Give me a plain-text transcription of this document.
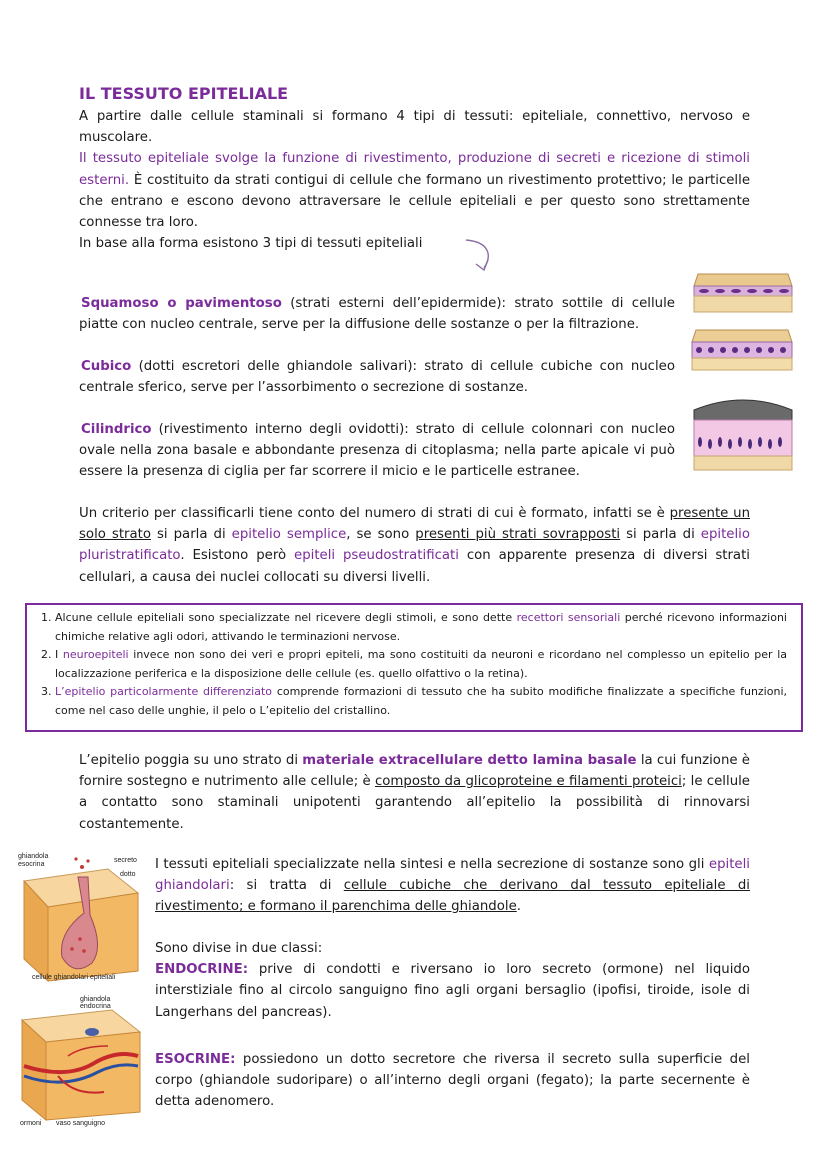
IL TESSUTO EPITELIALE

A partire dalle cellule staminali si formano 4 tipi di tessuti: epiteliale, connettivo, nervoso e muscolare.

Il tessuto epiteliale svolge la funzione di rivestimento, produzione di secreti e ricezione di stimoli esterni. È costituito da strati contigui di cellule che formano un rivestimento protettivo; le particelle che entrano e escono devono attraversare le cellule epiteliali e per questo sono strettamente connesse tra loro.

In base alla forma esistono 3 tipi di tessuti epiteliali

Squamoso o pavimentoso (strati esterni dell’epidermide): strato sottile di cellule piatte con nucleo centrale, serve per la diffusione delle sostanze o per la filtrazione.

Cubico (dotti escretori delle ghiandole salivari): strato di cellule cubiche con nucleo centrale sferico, serve per l’assorbimento o secrezione di sostanze.

Cilindrico (rivestimento interno degli ovidotti): strato di cellule colonnari con nucleo ovale nella zona basale e abbondante presenza di citoplasma; nella parte apicale vi può essere la presenza di ciglia per far scorrere il micio e le particelle estranee.

Un criterio per classificarli tiene conto del numero di strati di cui è formato, infatti se è presente un solo strato si parla di epitelio semplice, se sono presenti più strati sovrapposti si parla di epitelio pluristratificato. Esistono però epiteli pseudostratificati con apparente presenza di diversi strati cellulari, a causa dei nuclei collocati su diversi livelli.

1. Alcune cellule epiteliali sono specializzate nel ricevere degli stimoli, e sono dette recettori sensoriali perché ricevono informazioni chimiche relative agli odori, attivando le terminazioni nervose.
2. I neuroepiteli invece non sono dei veri e propri epiteli, ma sono costituiti da neuroni e ricordano nel complesso un epitelio per la localizzazione periferica e la disposizione delle cellule (es. quello olfattivo o la retina).
3. L’epitelio particolarmente differenziato comprende formazioni di tessuto che ha subito modifiche finalizzate a specifiche funzioni, come nel caso delle unghie, il pelo o L’epitelio del cristallino.

L’epitelio poggia su uno strato di materiale extracellulare detto lamina basale la cui funzione è fornire sostegno e nutrimento alle cellule; è composto da glicoproteine e filamenti proteici; le cellule a contatto sono staminali unipotenti garantendo all’epitelio la possibilità di rinnovarsi costantemente.

I tessuti epiteliali specializzate nella sintesi e nella secrezione di sostanze sono gli epiteli ghiandolari: si tratta di cellule cubiche che derivano dal tessuto epiteliale di rivestimento; e formano il parenchima delle ghiandole.

Sono divise in due classi:

ENDOCRINE: prive di condotti e riversano io loro secreto (ormone) nel liquido interstiziale fino al circolo sanguigno fino agli organi bersaglio (ipofisi, tiroide, isole di Langerhans del pancreas).

ESOCRINE: possiedono un dotto secretore che riversa il secreto sulla superficie del corpo (ghiandole sudoripare) o all’interno degli organi (fegato); la parte secernente è detta adenomero.

ghiandola
esocrina
secreto
dotto
cellule ghiandolari epiteliali
ghiandola endocrina
ormoni vaso sanguigno
